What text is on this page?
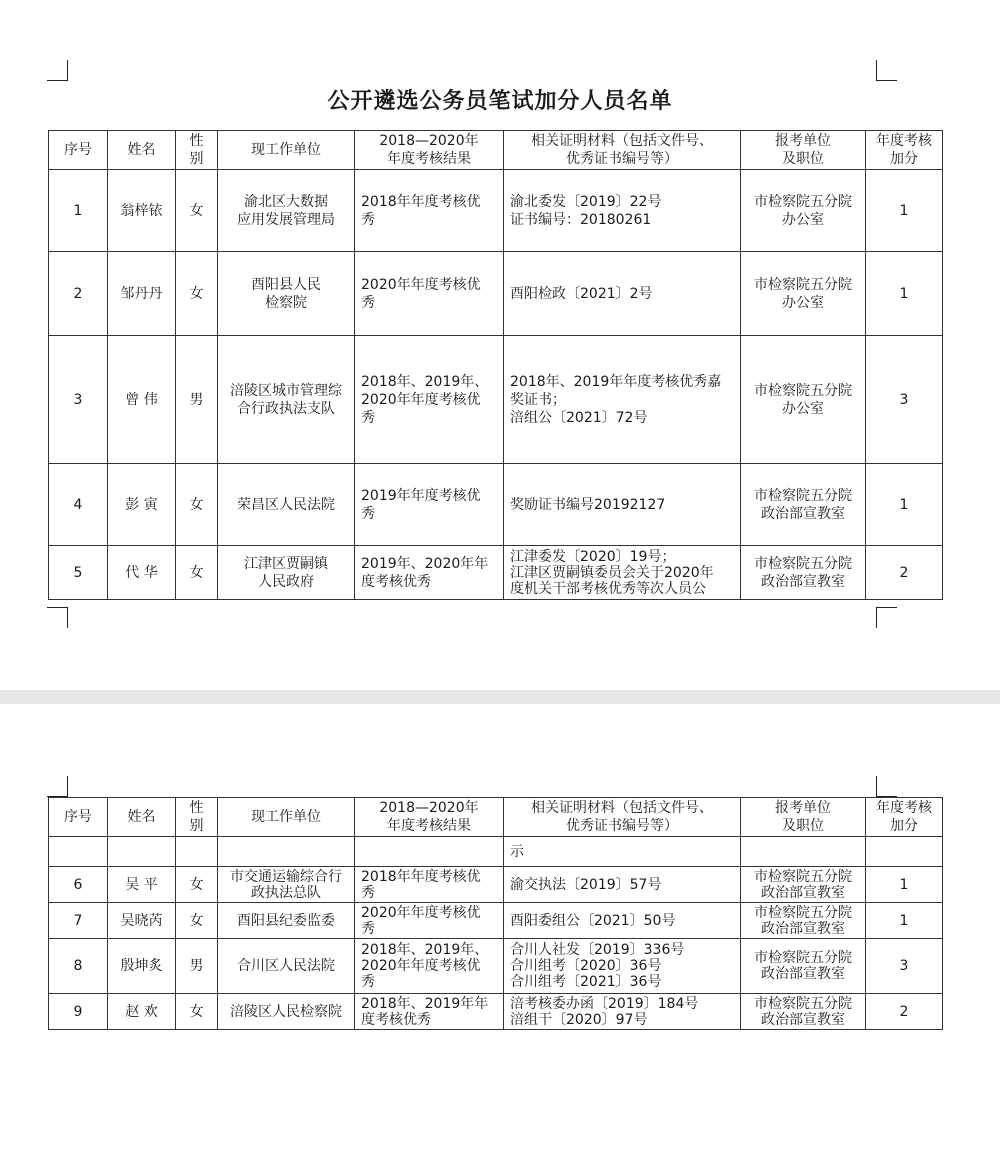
公开遴选公务员笔试加分人员名单
序号	姓名	性
别	现工作单位	2018—2020年
年度考核结果	相关证明材料（包括文件号、
优秀证书编号等）	报考单位
及职位	年度考核
加分
1	翁梓铱	女	渝北区大数据
应用发展管理局	2018年年度考核优
秀	渝北委发〔2019〕22号
证书编号：20180261	市检察院五分院
办公室	1
2	邹丹丹	女	酉阳县人民
检察院	2020年年度考核优
秀	酉阳检政〔2021〕2号	市检察院五分院
办公室	1
3	曾 伟	男	涪陵区城市管理综
合行政执法支队	2018年、2019年、
2020年年度考核优
秀	2018年、2019年年度考核优秀嘉
奖证书；
涪组公〔2021〕72号	市检察院五分院
办公室	3
4	彭 寅	女	荣昌区人民法院	2019年年度考核优
秀	奖励证书编号20192127	市检察院五分院
政治部宣教室	1
5	代 华	女	江津区贾嗣镇
人民政府	2019年、2020年年
度考核优秀	江津委发〔2020〕19号；
江津区贾嗣镇委员会关于2020年
度机关干部考核优秀等次人员公	市检察院五分院
政治部宣教室	2
序号	姓名	性
别	现工作单位	2018—2020年
年度考核结果	相关证明材料（包括文件号、
优秀证书编号等）	报考单位
及职位	年度考核
加分
					示		
6	吴 平	女	市交通运输综合行
政执法总队	2018年年度考核优
秀	渝交执法〔2019〕57号	市检察院五分院
政治部宣教室	1
7	吴晓芮	女	酉阳县纪委监委	2020年年度考核优
秀	酉阳委组公〔2021〕50号	市检察院五分院
政治部宣教室	1
8	殷坤炙	男	合川区人民法院	2018年、2019年、
2020年年度考核优
秀	合川人社发〔2019〕336号
合川组考〔2020〕36号
合川组考〔2021〕36号	市检察院五分院
政治部宣教室	3
9	赵 欢	女	涪陵区人民检察院	2018年、2019年年
度考核优秀	涪考核委办函〔2019〕184号
涪组干〔2020〕97号	市检察院五分院
政治部宣教室	2
